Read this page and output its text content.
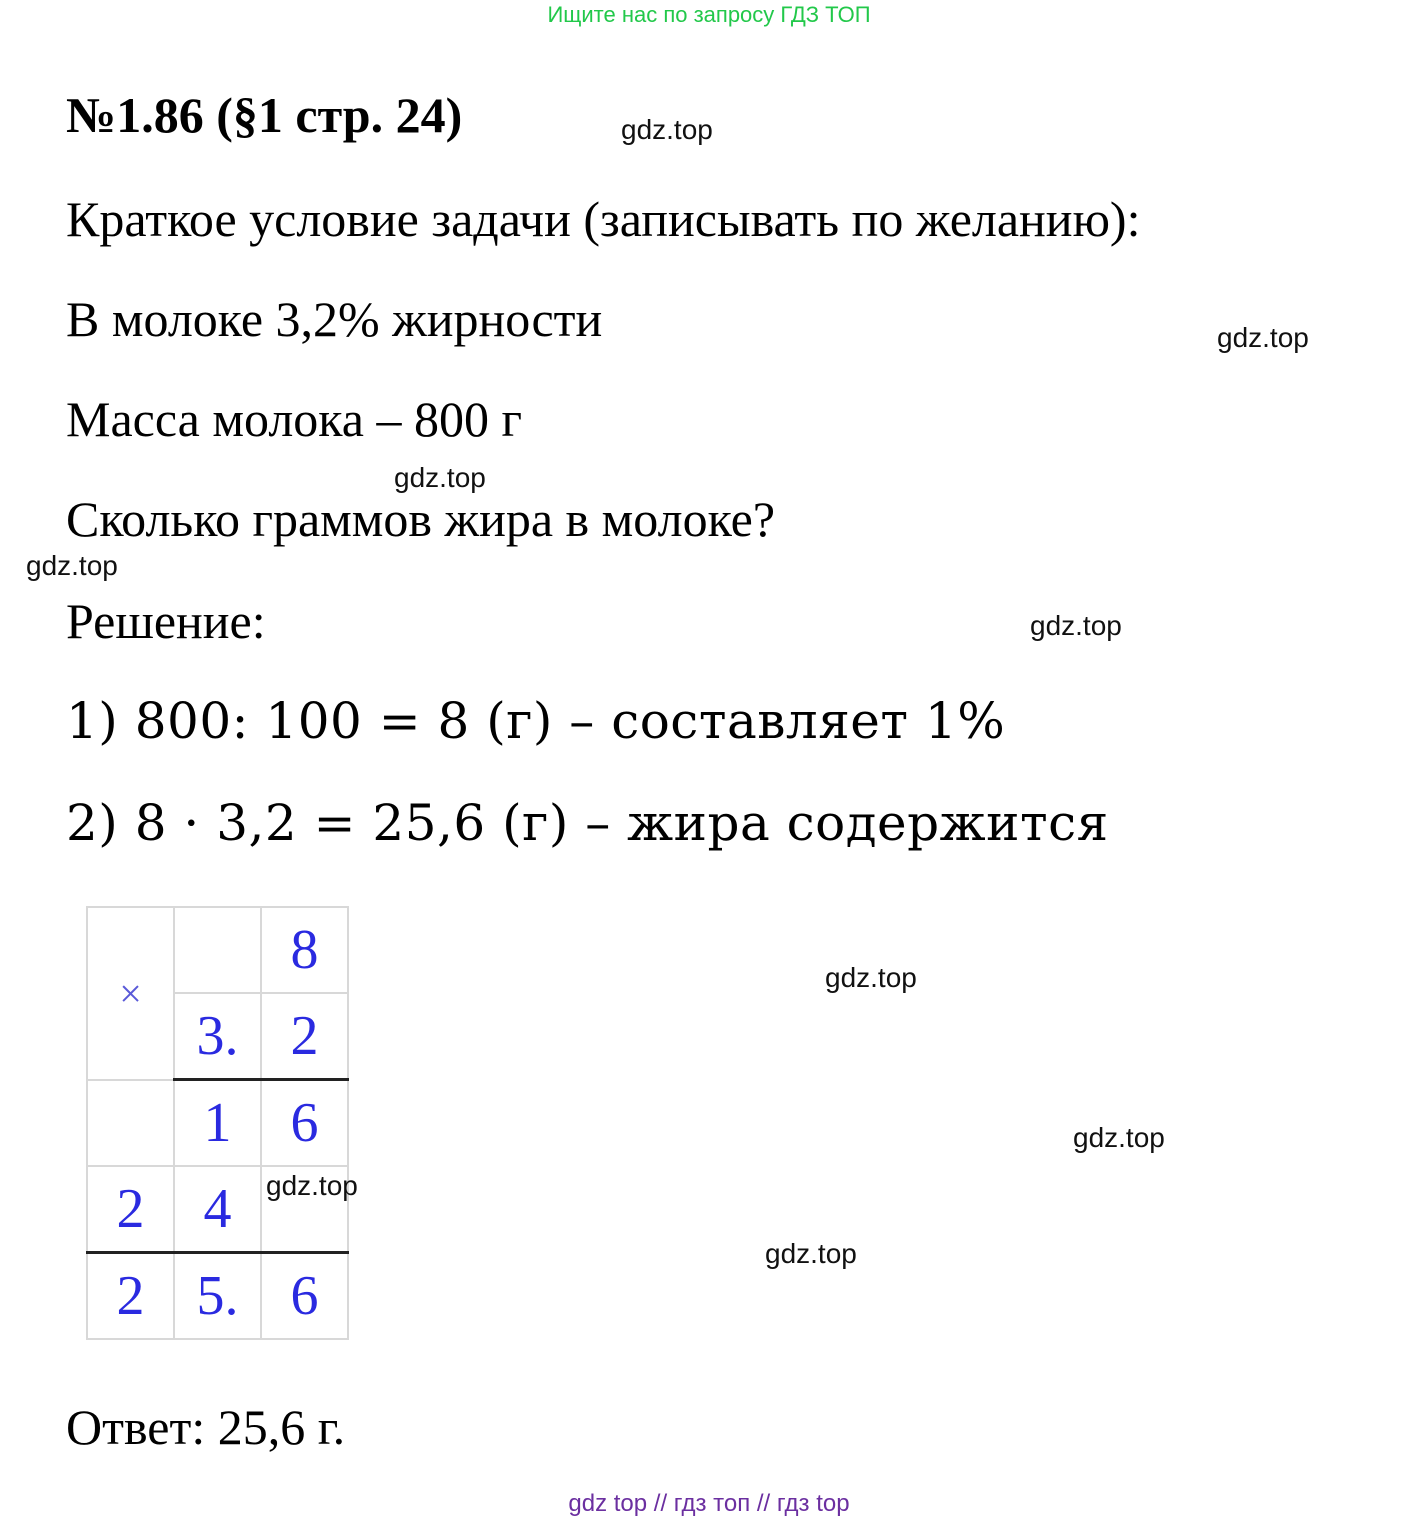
Ищите нас по запросу ГДЗ ТОП
№1.86 (§1 стр. 24)
Краткое условие задачи (записывать по желанию):
В молоке 3,2% жирности
Масса молока – 800 г
Сколько граммов жира в молоке?
Решение:
1) 800: 100 = 8 (г) – составляет 1%
2) 8 · 3,2 = 25,6 (г) – жира содержится
×		8
	3.	2
	1	6
2	4	
2	5.	6
Ответ: 25,6 г.
gdz.top
gdz.top
gdz.top
gdz.top
gdz.top
gdz.top
gdz.top
gdz.top
gdz.top
gdz top // гдз топ // гдз top
